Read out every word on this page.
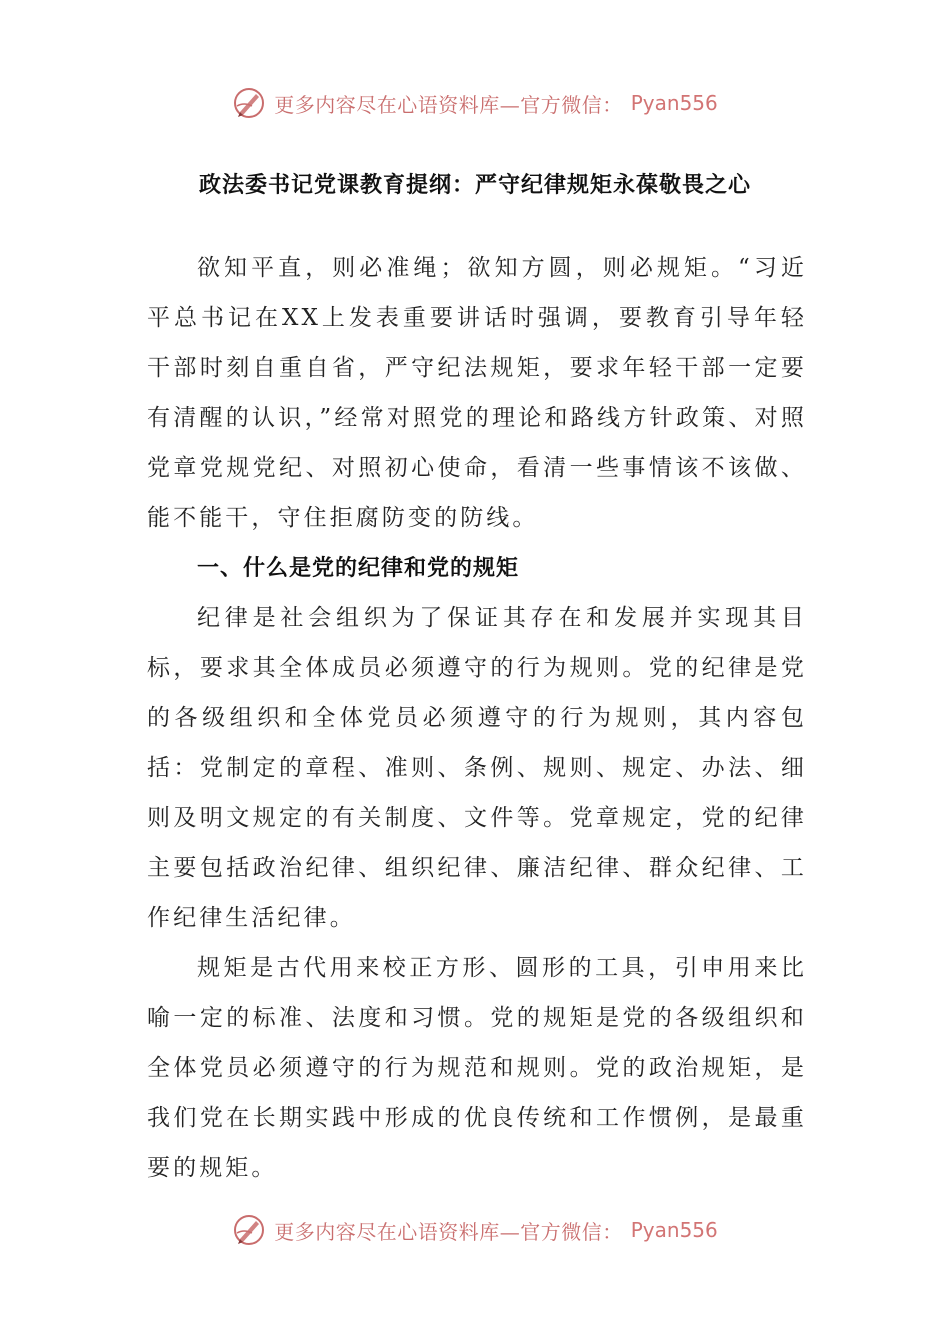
更多内容尽在心语资料库—官方微信： Pyan556
政法委书记党课教育提纲：严守纪律规矩永葆敬畏之心

欲知平直，则必准绳；欲知方圆，则必规矩。“习近平总书记在XX上发表重要讲话时强调，要教育引导年轻干部时刻自重自省，严守纪法规矩，要求年轻干部一定要有清醒的认识，”经常对照党的理论和路线方针政策、对照党章党规党纪、对照初心使命，看清一些事情该不该做、能不能干，守住拒腐防变的防线。

一、什么是党的纪律和党的规矩

纪律是社会组织为了保证其存在和发展并实现其目标，要求其全体成员必须遵守的行为规则。党的纪律是党的各级组织和全体党员必须遵守的行为规则，其内容包括：党制定的章程、准则、条例、规则、规定、办法、细则及明文规定的有关制度、文件等。党章规定，党的纪律主要包括政治纪律、组织纪律、廉洁纪律、群众纪律、工作纪律生活纪律。

规矩是古代用来校正方形、圆形的工具，引申用来比喻一定的标准、法度和习惯。党的规矩是党的各级组织和全体党员必须遵守的行为规范和规则。党的政治规矩，是我们党在长期实践中形成的优良传统和工作惯例，是最重要的规矩。

更多内容尽在心语资料库—官方微信： Pyan556
